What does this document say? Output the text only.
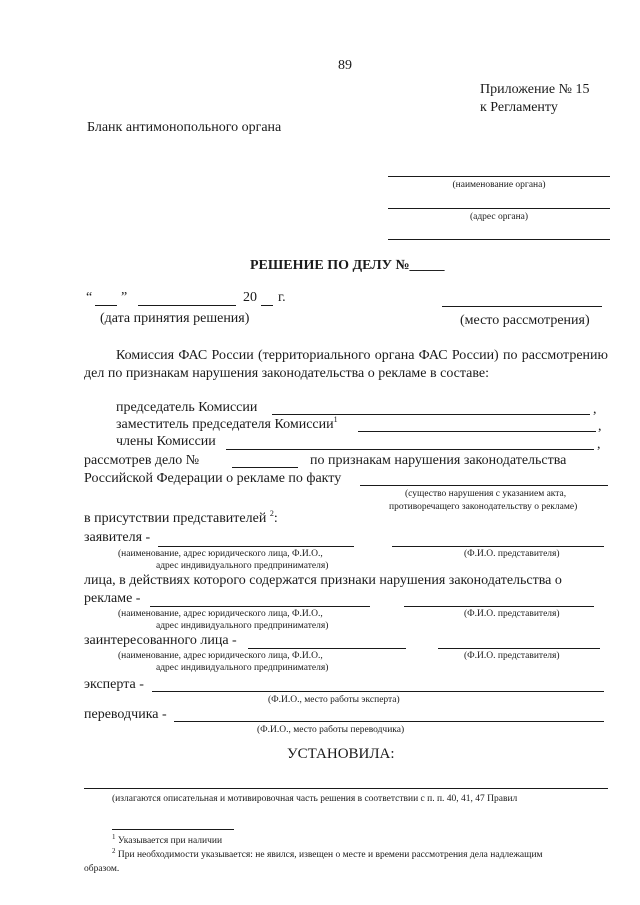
89
Приложение № 15
к Регламенту
Бланк антимонопольного органа
(наименование органа)
(адрес органа)
РЕШЕНИЕ ПО ДЕЛУ №_____
“ ”	20 г.
(дата принятия решения)	(место рассмотрения)
Комиссия ФАС России (территориального органа ФАС России) по рассмотрению дел по признакам нарушения законодательства о рекламе в составе:
председатель Комиссии	,
заместитель председателя Комиссии$^1$	,
члены Комиссии	,
рассмотрев дело №	по признакам нарушения законодательства
Российской Федерации о рекламе по факту
(существо нарушения с указанием акта,
противоречащего законодательству о рекламе)
в присутствии представителей $^2$:
заявителя -
(наименование, адрес юридического лица, Ф.И.О.,
адрес индивидуального предпринимателя)
(Ф.И.О. представителя)
лица, в действиях которого содержатся признаки нарушения законодательства о
рекламе -
(наименование, адрес юридического лица, Ф.И.О.,
адрес индивидуального предпринимателя)
(Ф.И.О. представителя)
заинтересованного лица -
(наименование, адрес юридического лица, Ф.И.О.,
адрес индивидуального предпринимателя)
(Ф.И.О. представителя)
эксперта -
(Ф.И.О., место работы эксперта)
переводчика -
(Ф.И.О., место работы переводчика)
УСТАНОВИЛА:
(излагаются описательная и мотивировочная часть решения в соответствии с п. п. 40, 41, 47 Правил
$^1$ Указывается при наличии
$^2$ При необходимости указывается: не явился, извещен о месте и времени рассмотрения дела надлежащим
образом.
